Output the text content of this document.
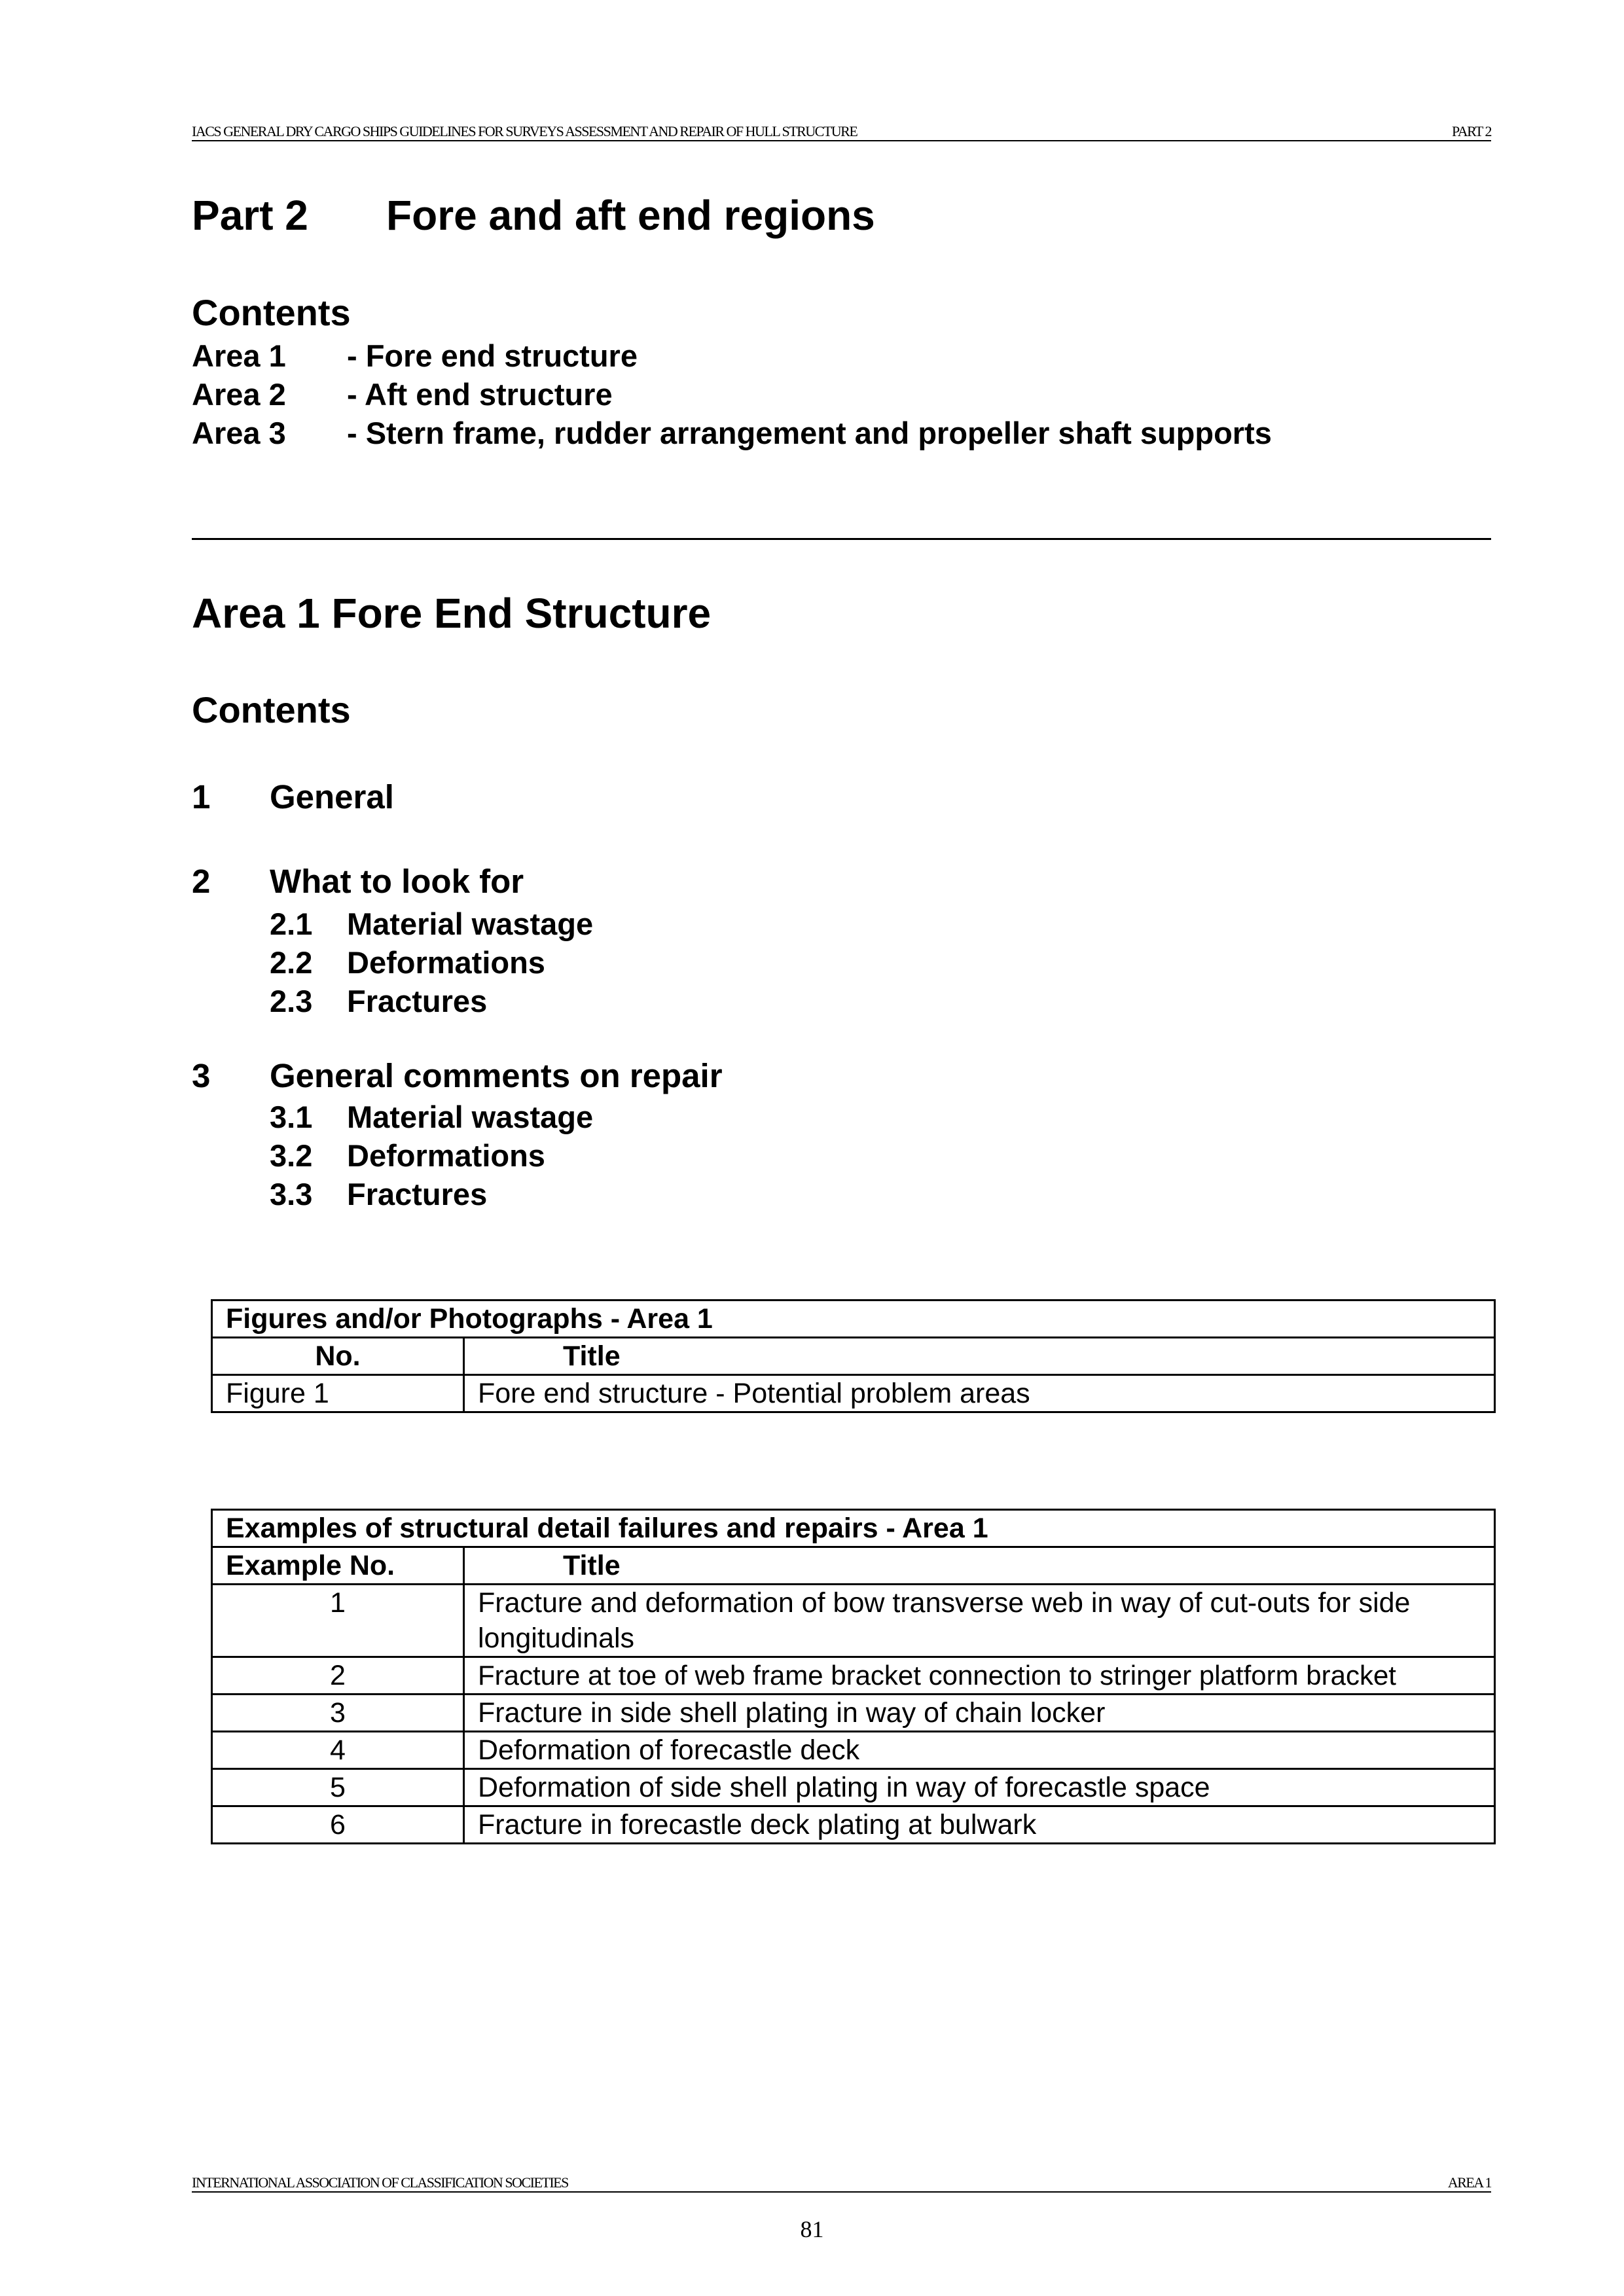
IACS GENERAL DRY CARGO SHIPS GUIDELINES FOR SURVEYS ASSESSMENT AND REPAIR OF HULL STRUCTURE	PART 2
Part 2 Fore and aft end regions
Contents
Area 1 - Fore end structure
Area 2 - Aft end structure
Area 3 - Stern frame, rudder arrangement and propeller shaft supports
Area 1 Fore End Structure
Contents
1 General
2 What to look for
2.1 Material wastage
2.2 Deformations
2.3 Fractures
3 General comments on repair
3.1 Material wastage
3.2 Deformations
3.3 Fractures
Figures and/or Photographs - Area 1	
No.	Title
Figure 1	Fore end structure - Potential problem areas
Examples of structural detail failures and repairs - Area 1	
Example No.	Title
1	Fracture and deformation of bow transverse web in way of cut-outs for side longitudinals
2	Fracture at toe of web frame bracket connection to stringer platform bracket
3	Fracture in side shell plating in way of chain locker
4	Deformation of forecastle deck
5	Deformation of side shell plating in way of forecastle space
6	Fracture in forecastle deck plating at bulwark
INTERNATIONAL ASSOCIATION OF CLASSIFICATION SOCIETIES	AREA 1
81
